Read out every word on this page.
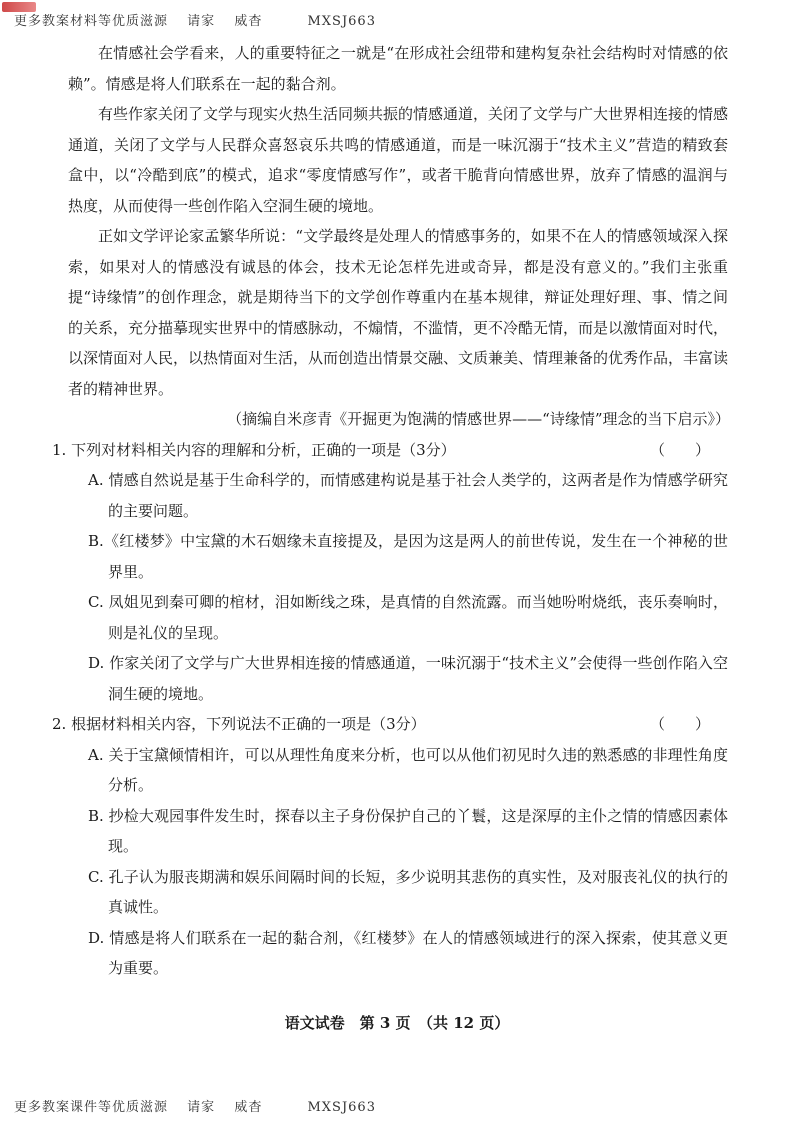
更多教案材料等优质滋源 请家 威杳	MXSJ663

在情感社会学看来，人的重要特征之一就是“在形成社会纽带和建构复杂社会结构时对情感的依赖”。情感是将人们联系在一起的黏合剂。

有些作家关闭了文学与现实火热生活同频共振的情感通道，关闭了文学与广大世界相连接的情感通道，关闭了文学与人民群众喜怒哀乐共鸣的情感通道，而是一味沉溺于“技术主义”营造的精致套盒中，以“冷酷到底”的模式，追求“零度情感写作”，或者干脆背向情感世界，放弃了情感的温润与热度，从而使得一些创作陷入空洞生硬的境地。

正如文学评论家孟繁华所说：“文学最终是处理人的情感事务的，如果不在人的情感领域深入探索，如果对人的情感没有诚恳的体会，技术无论怎样先进或奇异，都是没有意义的。”我们主张重提“诗缘情”的创作理念，就是期待当下的文学创作尊重内在基本规律，辩证处理好理、事、情之间的关系，充分描摹现实世界中的情感脉动，不煽情，不滥情，更不冷酷无情，而是以激情面对时代，以深情面对人民，以热情面对生活，从而创造出情景交融、文质兼美、情理兼备的优秀作品，丰富读者的精神世界。

（摘编自米彦青《开掘更为饱满的情感世界——“诗缘情”理念的当下启示》）

1. 下列对材料相关内容的理解和分析，正确的一项是（3分）	（　　）

A. 情感自然说是基于生命科学的，而情感建构说是基于社会人类学的，这两者是作为情感学研究的主要问题。

B.《红楼梦》中宝黛的木石姻缘未直接提及，是因为这是两人的前世传说，发生在一个神秘的世界里。

C. 凤姐见到秦可卿的棺材，泪如断线之珠，是真情的自然流露。而当她吩咐烧纸，丧乐奏响时，则是礼仪的呈现。

D. 作家关闭了文学与广大世界相连接的情感通道，一味沉溺于“技术主义”会使得一些创作陷入空洞生硬的境地。

2. 根据材料相关内容，下列说法不正确的一项是（3分）	（　　）

A. 关于宝黛倾情相许，可以从理性角度来分析，也可以从他们初见时久违的熟悉感的非理性角度分析。

B. 抄检大观园事件发生时，探春以主子身份保护自己的丫鬟，这是深厚的主仆之情的情感因素体现。

C. 孔子认为服丧期满和娱乐间隔时间的长短，多少说明其悲伤的真实性，及对服丧礼仪的执行的真诚性。

D. 情感是将人们联系在一起的黏合剂，《红楼梦》在人的情感领域进行的深入探索，使其意义更为重要。

语文试卷　第 3 页　（共 12 页）
更多教案课件等优质滋源 请家 威杳	MXSJ663
